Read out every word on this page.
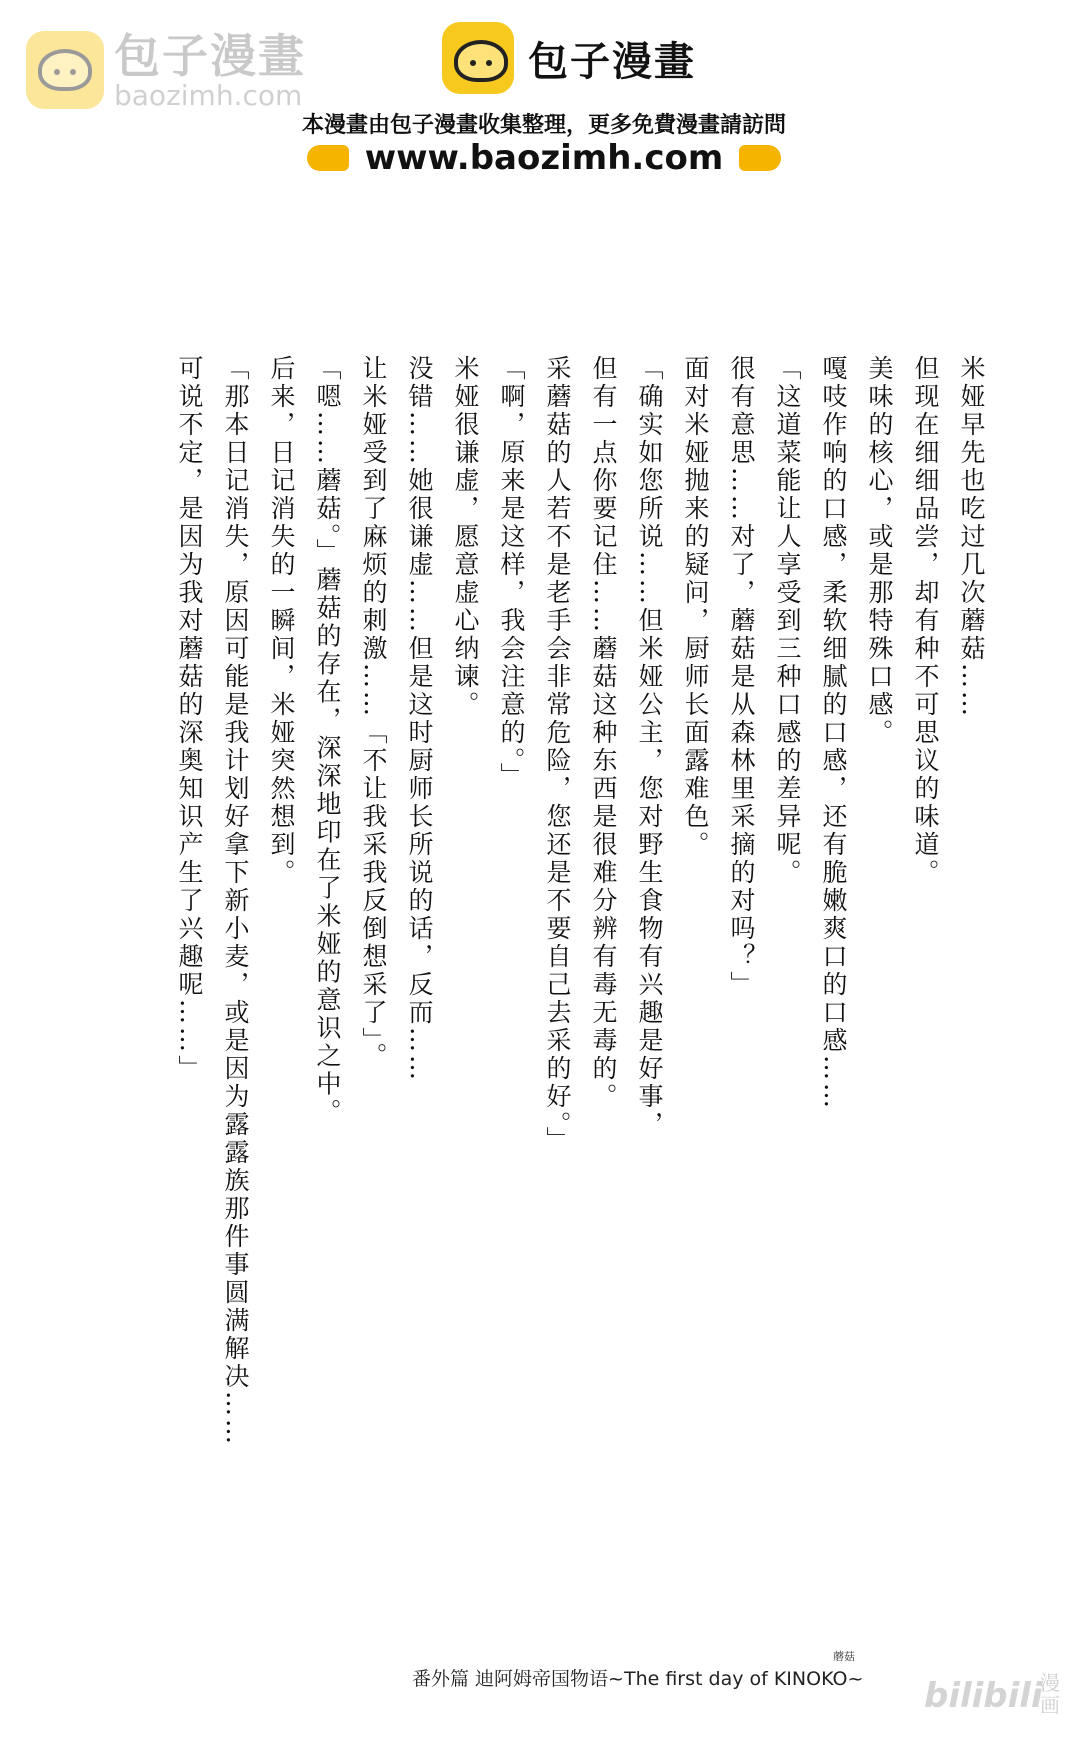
包子漫畫
baozimh.com
包子漫畫
本漫畫由包子漫畫收集整理，更多免費漫畫請訪問
www.baozimh.com

米娅早先也吃过几次蘑菇……

但现在细细品尝，却有种不可思议的味道。

美味的核心，或是那特殊口感。

嘎吱作响的口感，柔软细腻的口感，还有脆嫩爽口的口感……

「这道菜能让人享受到三种口感的差异呢。

很有意思……对了，蘑菇是从森林里采摘的对吗？」

面对米娅抛来的疑问，厨师长面露难色。

「确实如您所说……但米娅公主，您对野生食物有兴趣是好事，

但有一点你要记住……蘑菇这种东西是很难分辨有毒无毒的。

采蘑菇的人若不是老手会非常危险，您还是不要自己去采的好。」

「啊，原来是这样，我会注意的。」

米娅很谦虚，愿意虚心纳谏。

没错……她很谦虚……但是这时厨师长所说的话，反而……

让米娅受到了麻烦的刺激……「不让我采我反倒想采了」。

「嗯……蘑菇。」蘑菇的存在，深深地印在了米娅的意识之中。

后来，日记消失的一瞬间，米娅突然想到。

「那本日记消失，原因可能是我计划好拿下新小麦，或是因为露露族那件事圆满解决……

可说不定，是因为我对蘑菇的深奥知识产生了兴趣呢……」

蘑菇
番外篇 迪阿姆帝国物语~The first day of KINOKO~ bilibili
漫画
